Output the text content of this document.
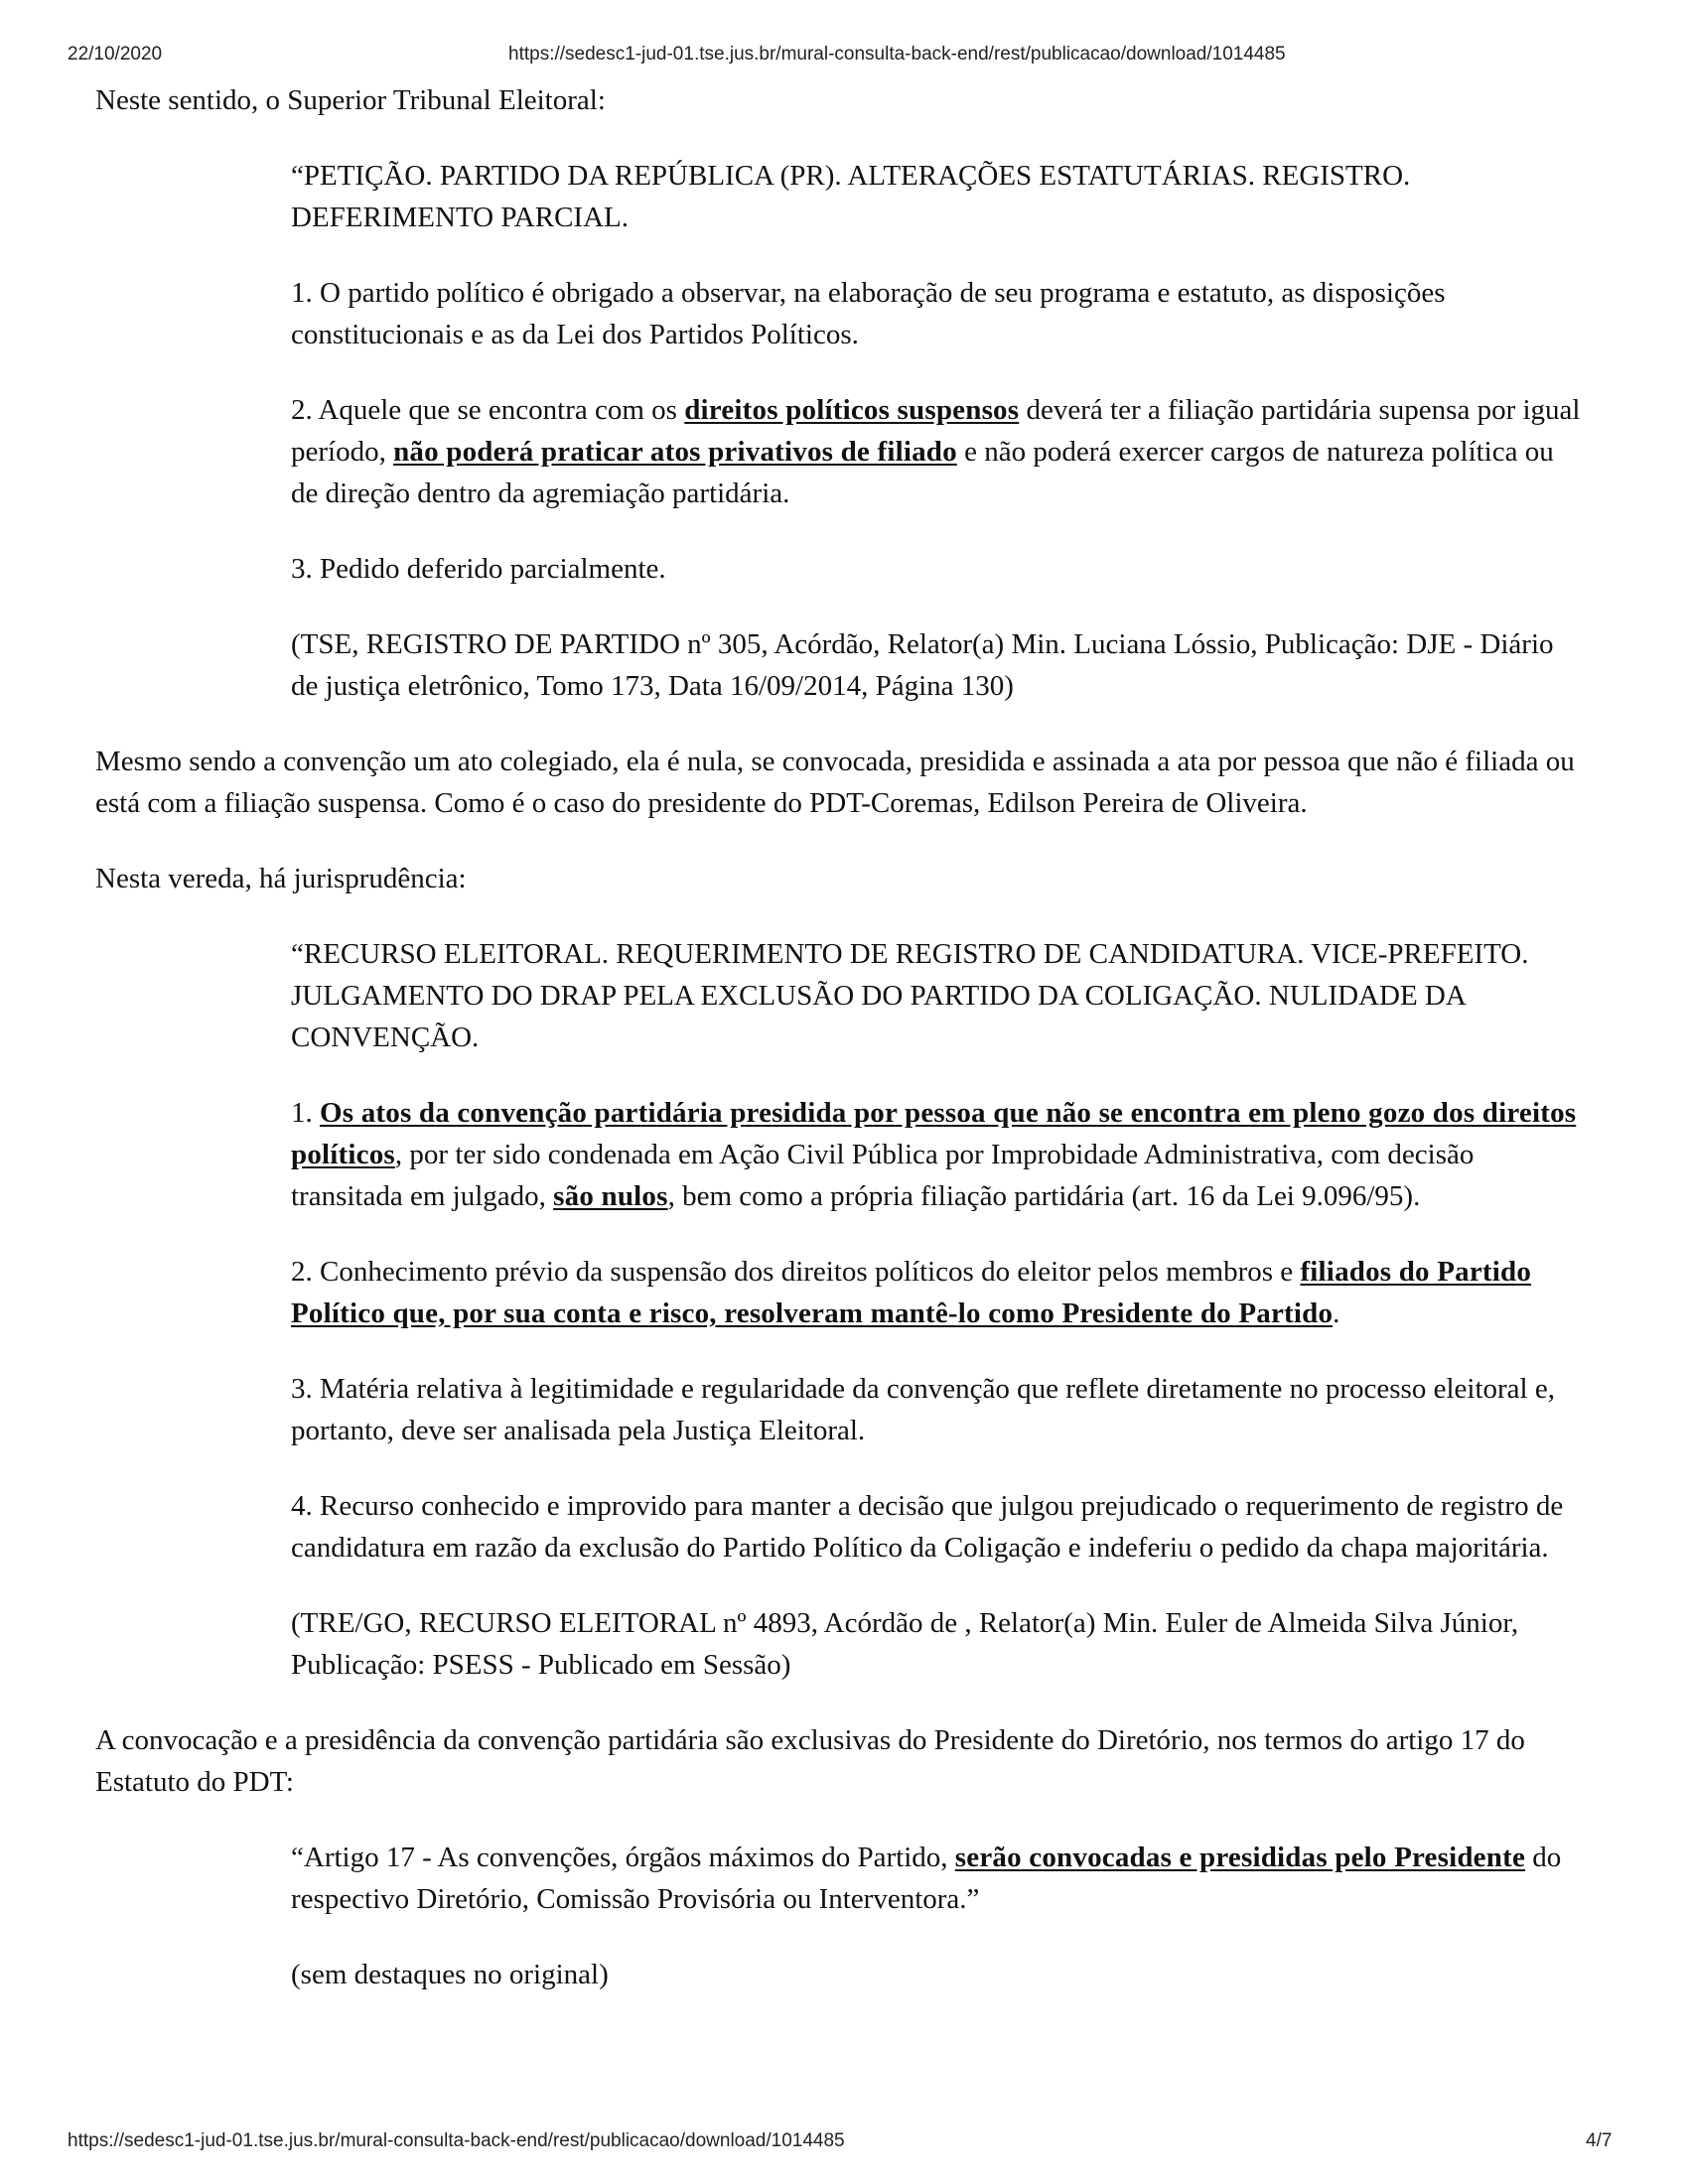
22/10/2020	https://sedesc1-jud-01.tse.jus.br/mural-consulta-back-end/rest/publicacao/download/1014485

Neste sentido, o Superior Tribunal Eleitoral:

“PETIÇÃO. PARTIDO DA REPÚBLICA (PR). ALTERAÇÕES ESTATUTÁRIAS. REGISTRO. DEFERIMENTO PARCIAL.

1. O partido político é obrigado a observar, na elaboração de seu programa e estatuto, as disposições constitucionais e as da Lei dos Partidos Políticos.

2. Aquele que se encontra com os direitos políticos suspensos deverá ter a filiação partidária supensa por igual período, não poderá praticar atos privativos de filiado e não poderá exercer cargos de natureza política ou de direção dentro da agremiação partidária.

3. Pedido deferido parcialmente.

(TSE, REGISTRO DE PARTIDO nº 305, Acórdão, Relator(a) Min. Luciana Lóssio, Publicação: DJE - Diário de justiça eletrônico, Tomo 173, Data 16/09/2014, Página 130)

Mesmo sendo a convenção um ato colegiado, ela é nula, se convocada, presidida e assinada a ata por pessoa que não é filiada ou está com a filiação suspensa. Como é o caso do presidente do PDT-Coremas, Edilson Pereira de Oliveira.

Nesta vereda, há jurisprudência:

“RECURSO ELEITORAL. REQUERIMENTO DE REGISTRO DE CANDIDATURA. VICE-PREFEITO. JULGAMENTO DO DRAP PELA EXCLUSÃO DO PARTIDO DA COLIGAÇÃO. NULIDADE DA CONVENÇÃO.

1. Os atos da convenção partidária presidida por pessoa que não se encontra em pleno gozo dos direitos políticos, por ter sido condenada em Ação Civil Pública por Improbidade Administrativa, com decisão transitada em julgado, são nulos, bem como a própria filiação partidária (art. 16 da Lei 9.096/95).

2. Conhecimento prévio da suspensão dos direitos políticos do eleitor pelos membros e filiados do Partido Político que, por sua conta e risco, resolveram mantê-lo como Presidente do Partido.

3. Matéria relativa à legitimidade e regularidade da convenção que reflete diretamente no processo eleitoral e, portanto, deve ser analisada pela Justiça Eleitoral.

4. Recurso conhecido e improvido para manter a decisão que julgou prejudicado o requerimento de registro de candidatura em razão da exclusão do Partido Político da Coligação e indeferiu o pedido da chapa majoritária.

(TRE/GO, RECURSO ELEITORAL nº 4893, Acórdão de , Relator(a) Min. Euler de Almeida Silva Júnior, Publicação: PSESS - Publicado em Sessão)

A convocação e a presidência da convenção partidária são exclusivas do Presidente do Diretório, nos termos do artigo 17 do Estatuto do PDT:

“Artigo 17 - As convenções, órgãos máximos do Partido, serão convocadas e presididas pelo Presidente do respectivo Diretório, Comissão Provisória ou Interventora.”

(sem destaques no original)

https://sedesc1-jud-01.tse.jus.br/mural-consulta-back-end/rest/publicacao/download/1014485	4/7
